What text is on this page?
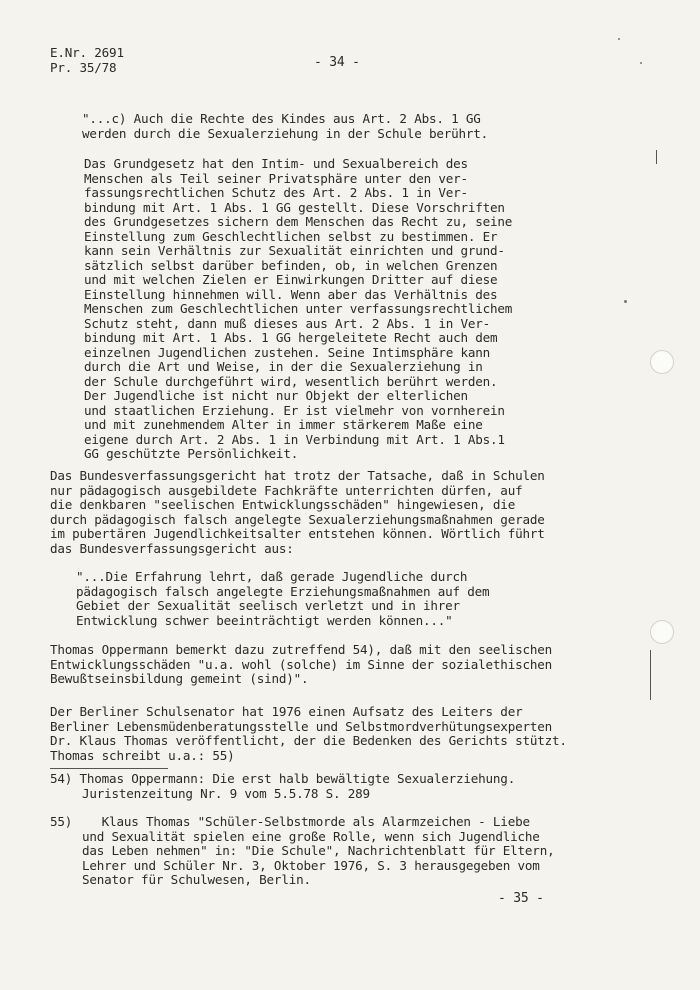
E.Nr. 2691
Pr. 35/78	- 34 -
"...c) Auch die Rechte des Kindes aus Art. 2 Abs. 1 GG
werden durch die Sexualerziehung in der Schule berührt.
Das Grundgesetz hat den Intim- und Sexualbereich des
Menschen als Teil seiner Privatsphäre unter den ver-
fassungsrechtlichen Schutz des Art. 2 Abs. 1 in Ver-
bindung mit Art. 1 Abs. 1 GG gestellt. Diese Vorschriften
des Grundgesetzes sichern dem Menschen das Recht zu, seine
Einstellung zum Geschlechtlichen selbst zu bestimmen. Er
kann sein Verhältnis zur Sexualität einrichten und grund-
sätzlich selbst darüber befinden, ob, in welchen Grenzen
und mit welchen Zielen er Einwirkungen Dritter auf diese
Einstellung hinnehmen will. Wenn aber das Verhältnis des
Menschen zum Geschlechtlichen unter verfassungsrechtlichem
Schutz steht, dann muß dieses aus Art. 2 Abs. 1 in Ver-
bindung mit Art. 1 Abs. 1 GG hergeleitete Recht auch dem
einzelnen Jugendlichen zustehen. Seine Intimsphäre kann
durch die Art und Weise, in der die Sexualerziehung in
der Schule durchgeführt wird, wesentlich berührt werden.
Der Jugendliche ist nicht nur Objekt der elterlichen
und staatlichen Erziehung. Er ist vielmehr von vornherein
und mit zunehmendem Alter in immer stärkerem Maße eine
eigene durch Art. 2 Abs. 1 in Verbindung mit Art. 1 Abs.1
GG geschützte Persönlichkeit.
Das Bundesverfassungsgericht hat trotz der Tatsache, daß in Schulen
nur pädagogisch ausgebildete Fachkräfte unterrichten dürfen, auf
die denkbaren "seelischen Entwicklungsschäden" hingewiesen, die
durch pädagogisch falsch angelegte Sexualerziehungsmaßnahmen gerade
im pubertären Jugendlichkeitsalter entstehen können. Wörtlich führt
das Bundesverfassungsgericht aus:
"...Die Erfahrung lehrt, daß gerade Jugendliche durch
pädagogisch falsch angelegte Erziehungsmaßnahmen auf dem
Gebiet der Sexualität seelisch verletzt und in ihrer
Entwicklung schwer beeinträchtigt werden können..."
Thomas Oppermann bemerkt dazu zutreffend 54), daß mit den seelischen
Entwicklungsschäden "u.a. wohl (solche) im Sinne der sozialethischen
Bewußtseinsbildung gemeint (sind)".
Der Berliner Schulsenator hat 1976 einen Aufsatz des Leiters der
Berliner Lebensmüdenberatungsstelle und Selbstmordverhütungsexperten
Dr. Klaus Thomas veröffentlicht, der die Bedenken des Gerichts stützt.
Thomas schreibt u.a.: 55)
54) Thomas Oppermann: Die erst halb bewältigte Sexualerziehung.
Juristenzeitung Nr. 9 vom 5.5.78 S. 289
55)    Klaus Thomas "Schüler-Selbstmorde als Alarmzeichen - Liebe
und Sexualität spielen eine große Rolle, wenn sich Jugendliche
das Leben nehmen" in: "Die Schule", Nachrichtenblatt für Eltern,
Lehrer und Schüler Nr. 3, Oktober 1976, S. 3 herausgegeben vom
Senator für Schulwesen, Berlin.
- 35 -
